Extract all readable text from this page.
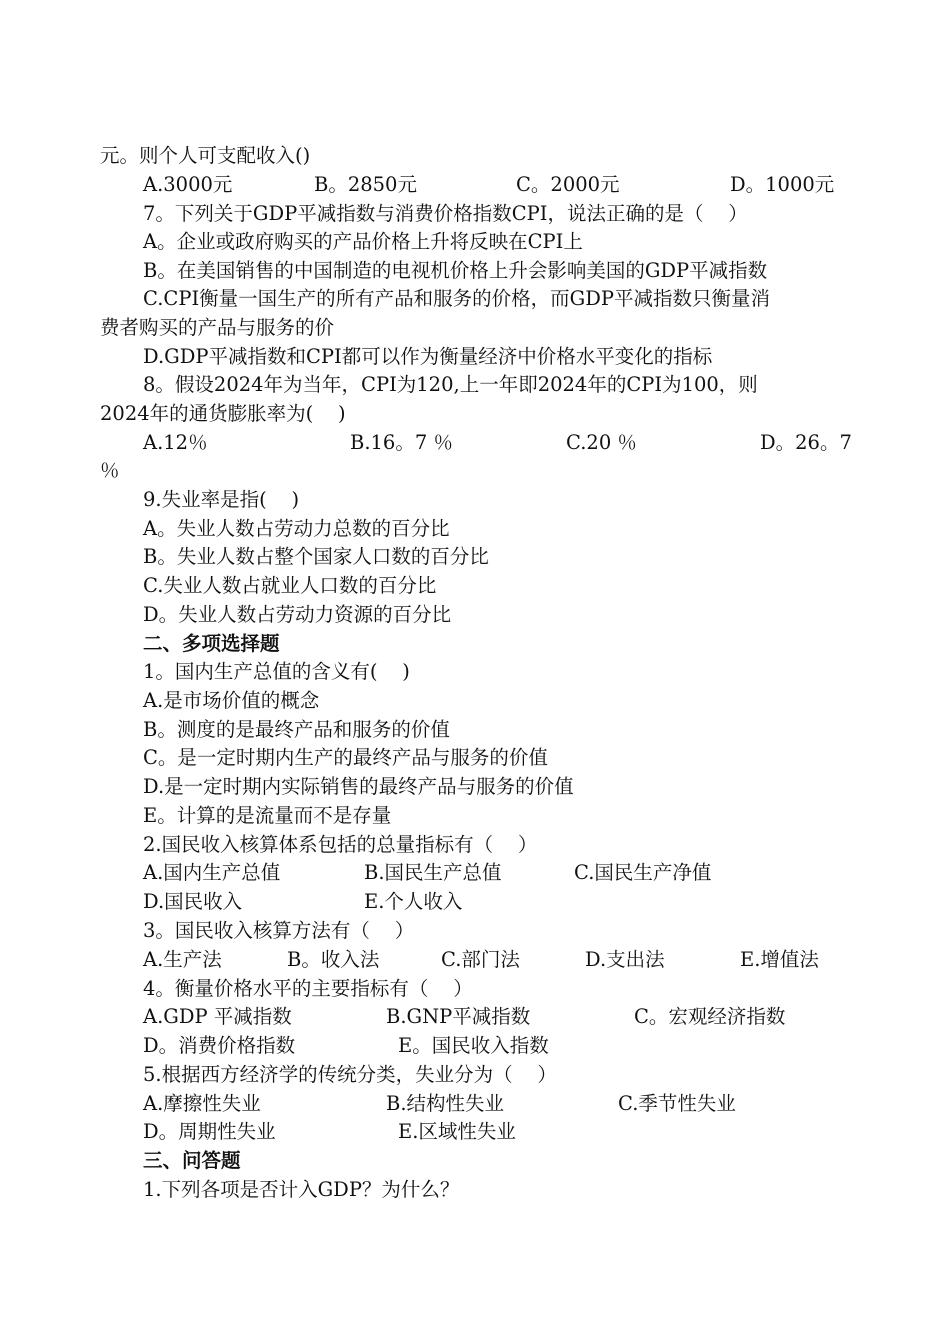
元。则个人可支配收入()
A.3000元	B。2850元	C。2000元	D。1000元
7。下列关于GDP平减指数与消费价格指数CPI，说法正确的是（    ）
A。企业或政府购买的产品价格上升将反映在CPI上
B。在美国销售的中国制造的电视机价格上升会影响美国的GDP平减指数
C.CPI衡量一国生产的所有产品和服务的价格，而GDP平减指数只衡量消
费者购买的产品与服务的价
D.GDP平减指数和CPI都可以作为衡量经济中价格水平变化的指标
8。假设2024年为当年，CPI为120,上一年即2024年的CPI为100，则
2024年的通货膨胀率为(    )
A.12％	B.16。7 ％	C.20 ％	D。26。7
％
9.失业率是指(    )
A。失业人数占劳动力总数的百分比
B。失业人数占整个国家人口数的百分比
C.失业人数占就业人口数的百分比
D。失业人数占劳动力资源的百分比
二、多项选择题
1。国内生产总值的含义有(    )
A.是市场价值的概念
B。测度的是最终产品和服务的价值
C。是一定时期内生产的最终产品与服务的价值
D.是一定时期内实际销售的最终产品与服务的价值
E。计算的是流量而不是存量
2.国民收入核算体系包括的总量指标有（    ）
A.国内生产总值	B.国民生产总值	C.国民生产净值
D.国民收入	E.个人收入
3。国民收入核算方法有（    ）
A.生产法	B。收入法	C.部门法	D.支出法	E.增值法
4。衡量价格水平的主要指标有（    ）
A.GDP 平减指数	B.GNP平减指数	C。宏观经济指数
D。消费价格指数	E。国民收入指数
5.根据西方经济学的传统分类，失业分为（    ）
A.摩擦性失业	B.结构性失业	C.季节性失业
D。周期性失业	E.区域性失业
三、问答题
1.下列各项是否计入GDP？为什么？
